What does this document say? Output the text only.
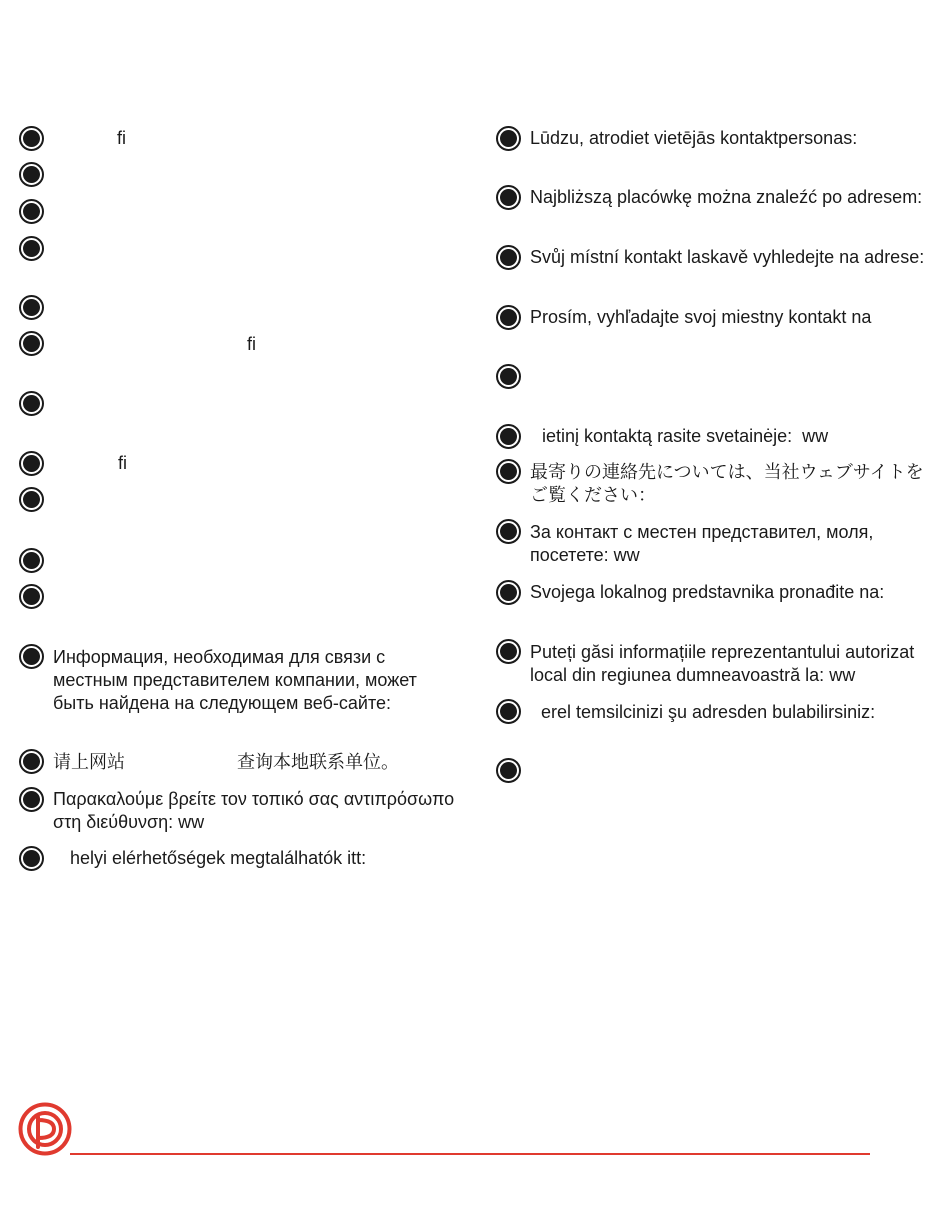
fi
fi
fi
Информация, необходимая для связи с
местным представителем компании, может
быть найдена на следующем веб-сайте:
请上网站	查询本地联系单位。
Παρακαλούμε βρείτε τον τοπικό σας αντιπρόσωπο
στη διεύθυνση: ww
helyi elérhetőségek megtalálhatók itt:
Lūdzu, atrodiet vietējās kontaktpersonas:
Najbliższą placówkę można znaleźć po adresem:
Svůj místní kontakt laskavě vyhledejte na adrese:
Prosím, vyhľadajte svoj miestny kontakt na
ietinį kontaktą rasite svetainėje:  ww
最寄りの連絡先については、当社ウェブサイトを
ご覧ください：
За контакт с местен представител, моля,
посетете: ww
Svojega lokalnog predstavnika pronađite na:
Puteți găsi informațiile reprezentantului autorizat
local din regiunea dumneavoastră la: ww
erel temsilcinizi şu adresden bulabilirsiniz:
